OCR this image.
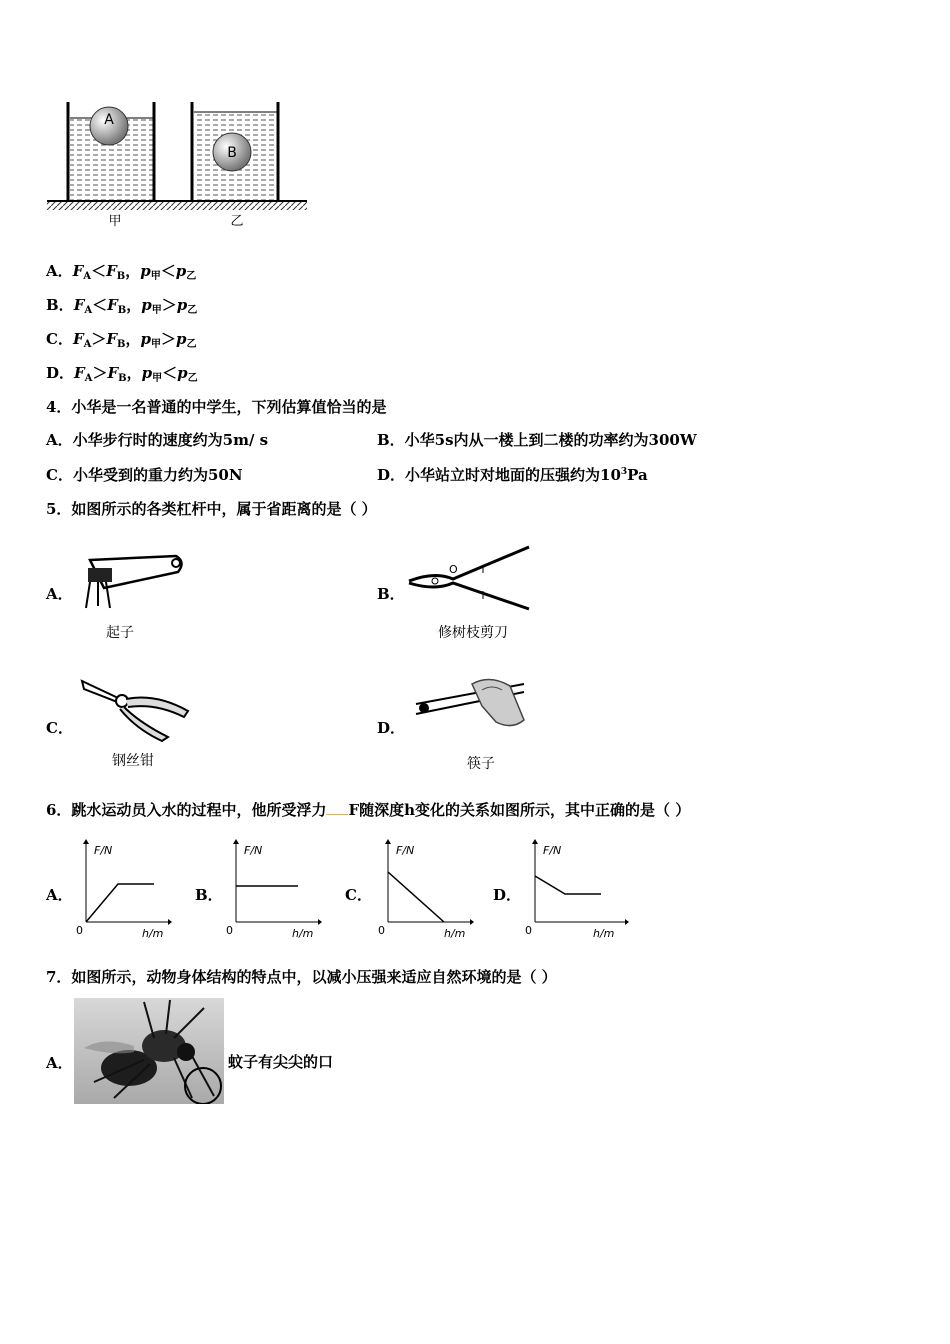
A
B
甲	乙
A．$F_A<F_B$，$p_甲<p_乙$
B．$F_A<F_B$，$p_甲>p_乙$
C．$F_A>F_B$，$p_甲>p_乙$
D．$F_A>F_B$，$p_甲<p_乙$
4．小华是一名普通的中学生，下列估算值恰当的是
A．小华步行时的速度约为5m/ s	B．小华5s内从一楼上到二楼的功率约为300W
C．小华受到的重力约为50N	D．小华站立时对地面的压强约为$10^3Pa$
5．如图所示的各类杠杆中，属于省距离的是（ ）
A．
起子
B．
O
修树枝剪刀
C．
钢丝钳
D．
筷子
6．跳水运动员入水的过程中，他所受浮力 F随深度h变化的关系如图所示，其中正确的是（ ）
A．	B．	C．	D．
F/N
h/m
0
F/N
h/m
0
F/N
h/m
0
F/N
h/m
0
7．如图所示，动物身体结构的特点中，以减小压强来适应自然环境的是（ ）
A．	蚊子有尖尖的口
